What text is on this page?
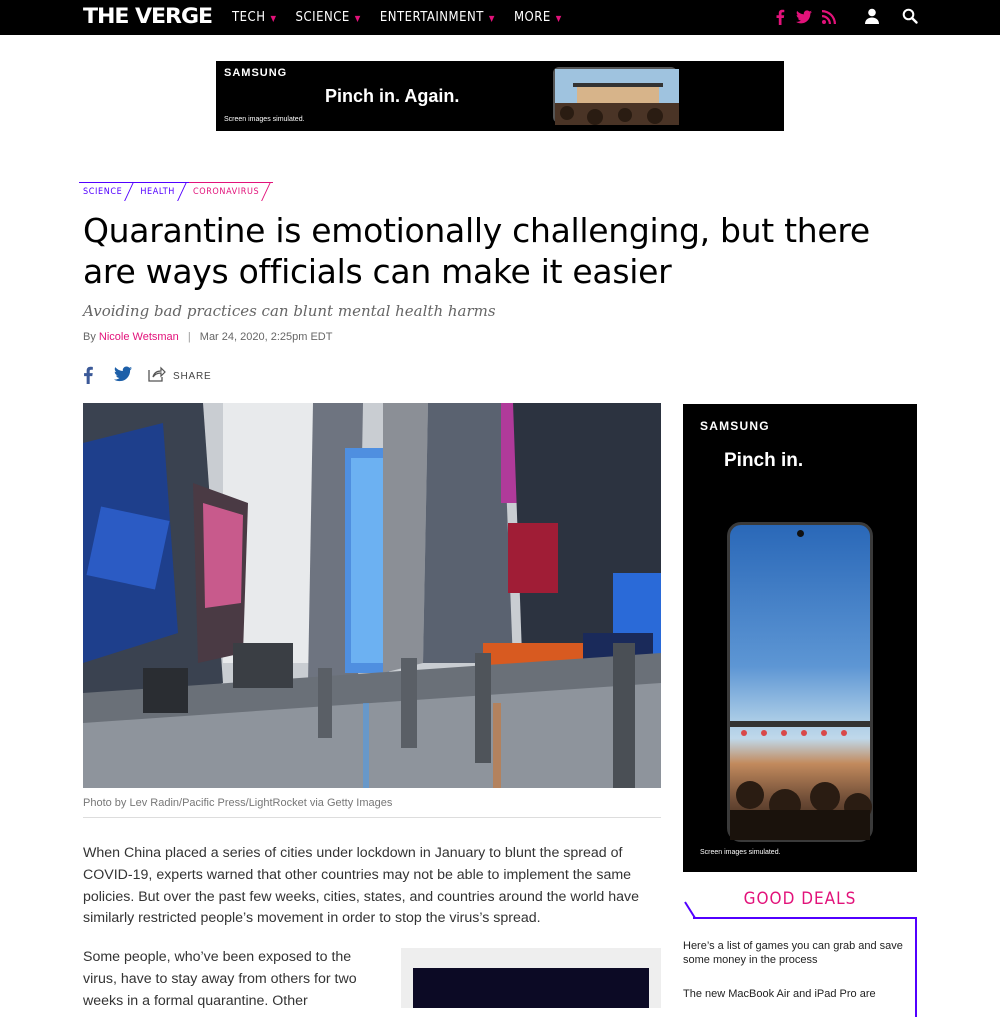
THE VERGE TECH ▼ SCIENCE ▼ ENTERTAINMENT ▼ MORE ▼
SAMSUNG
Pinch in. Again.
Screen images simulated.
SCIENCE	HEALTH	CORONAVIRUS
Quarantine is emotionally challenging, but there are ways officials can make it easier
Avoiding bad practices can blunt mental health harms
By Nicole Wetsman | Mar 24, 2020, 2:25pm EDT
SHARE
Photo by Lev Radin/Pacific Press/LightRocket via Getty Images

When China placed a series of cities under lockdown in January to blunt the spread of COVID-19, experts warned that other countries may not be able to implement the same policies. But over the past few weeks, cities, states, and countries around the world have similarly restricted people’s movement in order to stop the virus’s spread.

Some people, who’ve been exposed to the virus, have to stay away from others for two weeks in a formal quarantine. Other

SAMSUNG
Pinch in.
Screen images simulated.
GOOD DEALS
Here’s a list of games you can grab and save some money in the process
The new MacBook Air and iPad Pro are
